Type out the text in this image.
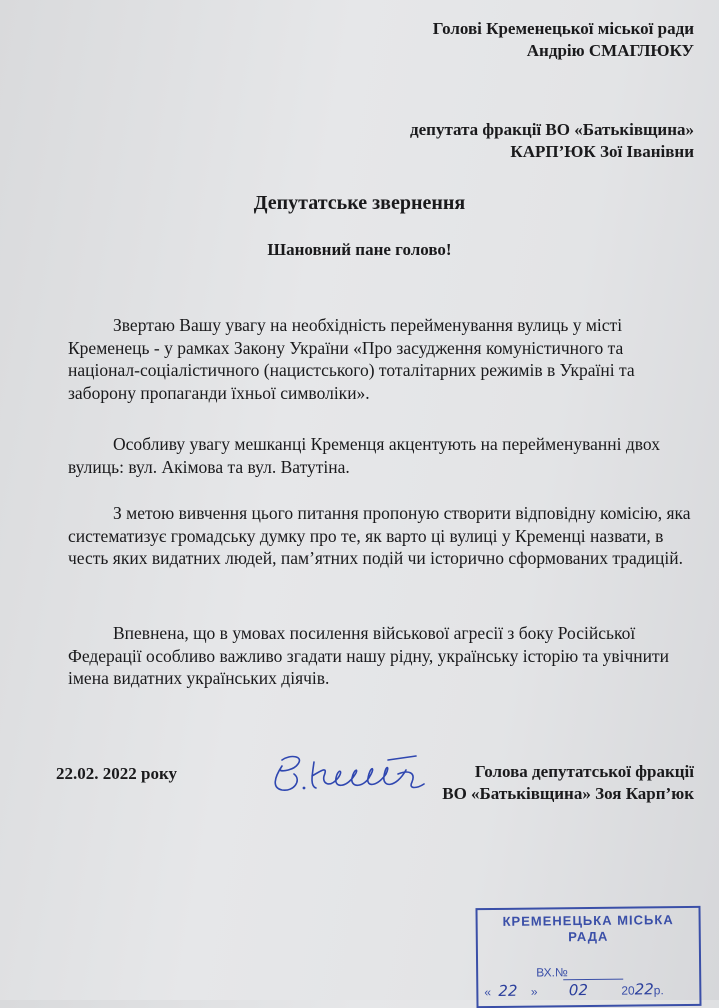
Голові Кременецької міської ради
Андрію СМАГЛЮКУ
депутата фракції ВО «Батьківщина»
КАРП’ЮК Зої Іванівни
Депутатське звернення
Шановний пане голово!

Звертаю Вашу увагу на необхідність перейменування вулиць у місті Кременець - у рамках Закону України «Про засудження комуністичного та націонал-соціалістичного (нацистського) тоталітарних режимів в Україні та заборону пропаганди їхньої символіки».

Особливу увагу мешканці Кременця акцентують на перейменуванні двох вулиць: вул. Акімова та вул. Ватутіна.

З метою вивчення цього питання пропоную створити відповідну комісію, яка систематизує громадську думку про те, як варто ці вулиці у Кременці назвати, в честь яких видатних людей, пам’ятних подій чи історично сформованих традицій.

Впевнена, що в умовах посилення військової агресії з боку Російської Федерації особливо важливо згадати нашу рідну, українську історію та увічнити імена видатних українських діячів.

22.02. 2022 року	Голова депутатської фракції
ВО «Батьківщина» Зоя Карп’юк
КРЕМЕНЕЦЬКА МІСЬКА
РАДА
ВХ.№
« 22 » 02	2022р.
